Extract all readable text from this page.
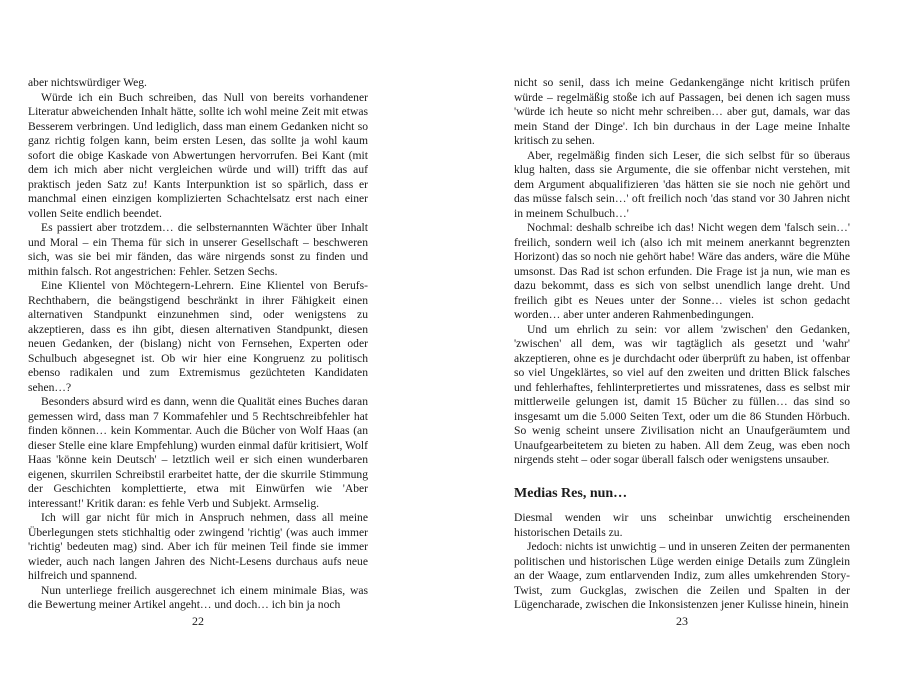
aber nichtswürdiger Weg.

Würde ich ein Buch schreiben, das Null von bereits vorhandener Literatur abweichenden Inhalt hätte, sollte ich wohl meine Zeit mit etwas Besserem verbringen. Und lediglich, dass man einem Gedanken nicht so ganz richtig folgen kann, beim ersten Lesen, das sollte ja wohl kaum sofort die obige Kaskade von Abwertungen hervorrufen. Bei Kant (mit dem ich mich aber nicht vergleichen würde und will) trifft das auf praktisch jeden Satz zu! Kants Interpunktion ist so spärlich, dass er manchmal einen einzigen komplizierten Schachtelsatz erst nach einer vollen Seite endlich beendet.

Es passiert aber trotzdem… die selbsternannten Wächter über Inhalt und Moral – ein Thema für sich in unserer Gesellschaft – beschweren sich, was sie bei mir fänden, das wäre nirgends sonst zu finden und mithin falsch. Rot angestrichen: Fehler. Setzen Sechs.

Eine Klientel von Möchtegern-Lehrern. Eine Klientel von Berufs-Rechthabern, die beängstigend beschränkt in ihrer Fähigkeit einen alternativen Standpunkt einzunehmen sind, oder wenigstens zu akzeptieren, dass es ihn gibt, diesen alternativen Standpunkt, diesen neuen Gedanken, der (bislang) nicht von Fernsehen, Experten oder Schulbuch abgesegnet ist. Ob wir hier eine Kongruenz zu politisch ebenso radikalen und zum Extremismus gezüchteten Kandidaten sehen…?

Besonders absurd wird es dann, wenn die Qualität eines Buches daran gemessen wird, dass man 7 Kommafehler und 5 Rechtschreibfehler hat finden können… kein Kommentar. Auch die Bücher von Wolf Haas (an dieser Stelle eine klare Empfehlung) wurden einmal dafür kritisiert, Wolf Haas 'könne kein Deutsch' – letztlich weil er sich einen wunderbaren eigenen, skurrilen Schreibstil erarbeitet hatte, der die skurrile Stimmung der Geschichten komplettierte, etwa mit Einwürfen wie 'Aber interessant!' Kritik daran: es fehle Verb und Subjekt. Armselig.

Ich will gar nicht für mich in Anspruch nehmen, dass all meine Überlegungen stets stichhaltig oder zwingend 'richtig' (was auch immer 'richtig' bedeuten mag) sind. Aber ich für meinen Teil finde sie immer wieder, auch nach langen Jahren des Nicht-Lesens durchaus aufs neue hilfreich und spannend.

Nun unterliege freilich ausgerechnet ich einem minimale Bias, was die Bewertung meiner Artikel angeht… und doch… ich bin ja noch

22

nicht so senil, dass ich meine Gedankengänge nicht kritisch prüfen würde – regelmäßig stoße ich auf Passagen, bei denen ich sagen muss 'würde ich heute so nicht mehr schreiben… aber gut, damals, war das mein Stand der Dinge'. Ich bin durchaus in der Lage meine Inhalte kritisch zu sehen.

Aber, regelmäßig finden sich Leser, die sich selbst für so überaus klug halten, dass sie Argumente, die sie offenbar nicht verstehen, mit dem Argument abqualifizieren 'das hätten sie sie noch nie gehört und das müsse falsch sein…' oft freilich noch 'das stand vor 30 Jahren nicht in meinem Schulbuch…'

Nochmal: deshalb schreibe ich das! Nicht wegen dem 'falsch sein…' freilich, sondern weil ich (also ich mit meinem anerkannt begrenzten Horizont) das so noch nie gehört habe! Wäre das anders, wäre die Mühe umsonst. Das Rad ist schon erfunden. Die Frage ist ja nun, wie man es dazu bekommt, dass es sich von selbst unendlich lange dreht. Und freilich gibt es Neues unter der Sonne… vieles ist schon gedacht worden… aber unter anderen Rahmenbedingungen.

Und um ehrlich zu sein: vor allem 'zwischen' den Gedanken, 'zwischen' all dem, was wir tagtäglich als gesetzt und 'wahr' akzeptieren, ohne es je durchdacht oder überprüft zu haben, ist offenbar so viel Ungeklärtes, so viel auf den zweiten und dritten Blick falsches und fehlerhaftes, fehlinterpretiertes und missratenes, dass es selbst mir mittlerweile gelungen ist, damit 15 Bücher zu füllen… das sind so insgesamt um die 5.000 Seiten Text, oder um die 86 Stunden Hörbuch. So wenig scheint unsere Zivilisation nicht an Unaufgeräumtem und Unaufgearbeitetem zu bieten zu haben. All dem Zeug, was eben noch nirgends steht – oder sogar überall falsch oder wenigstens unsauber.

Medias Res, nun…

Diesmal wenden wir uns scheinbar unwichtig erscheinenden historischen Details zu.

Jedoch: nichts ist unwichtig – und in unseren Zeiten der permanenten politischen und historischen Lüge werden einige Details zum Zünglein an der Waage, zum entlarvenden Indiz, zum alles umkehrenden Story-Twist, zum Guckglas, zwischen die Zeilen und Spalten in der Lügencharade, zwischen die Inkonsistenzen jener Kulisse hinein, hinein

23
